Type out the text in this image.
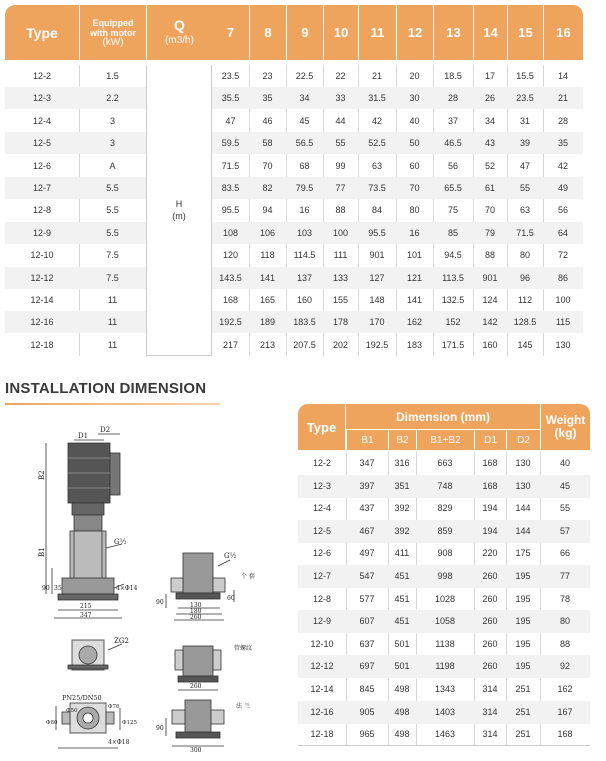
Type
Equipped
with motor
(kW)
Q
(m3/h)	7	8	9	10	11	12	13	14	15	16
12-2	1.5	23.5	23	22.5	22	21	20	18.5	17	15.5	14
12-3	2.2	35.5	35	34	33	31.5	30	28	26	23.5	21
12-4	3	47	46	45	44	42	40	37	34	31	28
12-5	3	59.5	58	56.5	55	52.5	50	46.5	43	39	35
12-6	A	71.5	70	68	99	63	60	56	52	47	42
12-7	5.5	83.5	82	79.5	77	73.5	70	65.5	61	55	49
12-8	5.5	95.5	94	16	88	84	80	75	70	63	56
12-9	5.5	108	106	103	100	95.5	16	85	79	71.5	64
12-10	7.5	120	118	114.5	111	901	101	94.5	88	80	72
12-12	7.5	143.5	141	137	133	127	121	113.5	901	96	86
12-14	11	168	165	160	155	148	141	132.5	124	112	100
12-16	11	192.5	189	183.5	178	170	162	152	142	128.5	115
12-18	11	217	213	207.5	202	192.5	183	171.5	160	145	130
H
(m)
INSTALLATION DIMENSION
D1
D2
B2
B1
G½
4×Φ14
215
347
35
90
G½
个 套
130
180
260
60
90
ZG2
管螺纹
260
PN25/DN50
Φ50
Φ80
Φ76
Φ125
4×Φ18
300
90
法 兰
Type
Dimension (mm)
B1	B2	B1+B2	D1	D2
Weight
(kg)
12-2	347	316	663	168	130	40
12-3	397	351	748	168	130	45
12-4	437	392	829	194	144	55
12-5	467	392	859	194	144	57
12-6	497	411	908	220	175	66
12-7	547	451	998	260	195	77
12-8	577	451	1028	260	195	78
12-9	607	451	1058	260	195	80
12-10	637	501	1138	260	195	88
12-12	697	501	1198	260	195	92
12-14	845	498	1343	314	251	162
12-16	905	498	1403	314	251	167
12-18	965	498	1463	314	251	168
